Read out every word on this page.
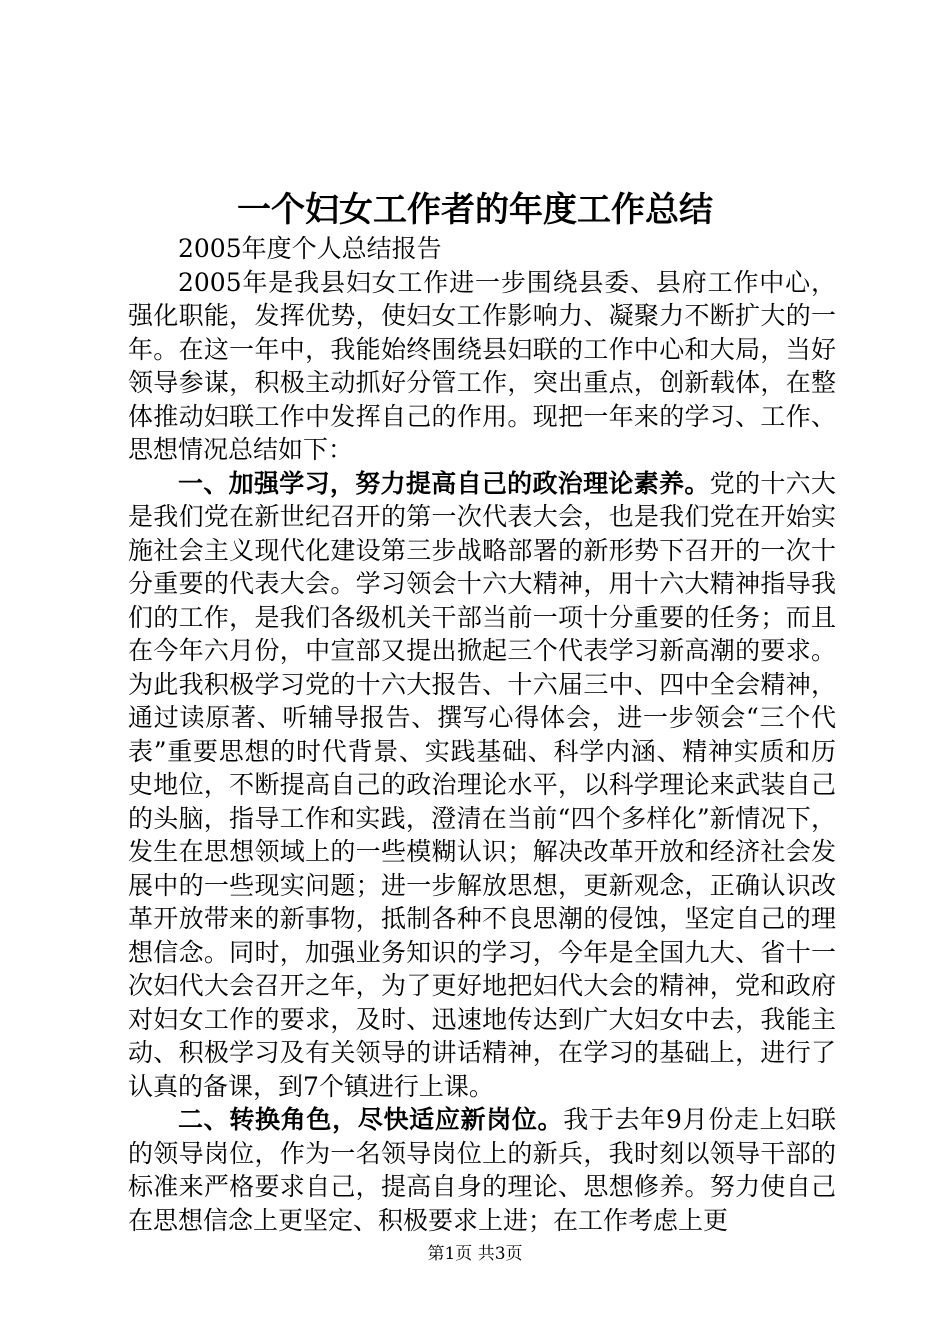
一个妇女工作者的年度工作总结

2005年度个人总结报告

2005年是我县妇女工作进一步围绕县委、县府工作中心，强化职能，发挥优势，使妇女工作影响力、凝聚力不断扩大的一年。在这一年中，我能始终围绕县妇联的工作中心和大局，当好领导参谋，积极主动抓好分管工作，突出重点，创新载体，在整体推动妇联工作中发挥自己的作用。现把一年来的学习、工作、思想情况总结如下：

一、加强学习，努力提高自己的政治理论素养。党的十六大是我们党在新世纪召开的第一次代表大会，也是我们党在开始实施社会主义现代化建设第三步战略部署的新形势下召开的一次十分重要的代表大会。学习领会十六大精神，用十六大精神指导我们的工作，是我们各级机关干部当前一项十分重要的任务；而且在今年六月份，中宣部又提出掀起三个代表学习新高潮的要求。为此我积极学习党的十六大报告、十六届三中、四中全会精神，通过读原著、听辅导报告、撰写心得体会，进一步领会“三个代表”重要思想的时代背景、实践基础、科学内涵、精神实质和历史地位，不断提高自己的政治理论水平，以科学理论来武装自己的头脑，指导工作和实践，澄清在当前“四个多样化”新情况下，发生在思想领域上的一些模糊认识；解决改革开放和经济社会发展中的一些现实问题；进一步解放思想，更新观念，正确认识改革开放带来的新事物，抵制各种不良思潮的侵蚀，坚定自己的理想信念。同时，加强业务知识的学习，今年是全国九大、省十一次妇代大会召开之年，为了更好地把妇代大会的精神，党和政府对妇女工作的要求，及时、迅速地传达到广大妇女中去，我能主动、积极学习及有关领导的讲话精神，在学习的基础上，进行了认真的备课，到7个镇进行上课。

二、转换角色，尽快适应新岗位。我于去年9月份走上妇联的领导岗位，作为一名领导岗位上的新兵，我时刻以领导干部的标准来严格要求自己，提高自身的理论、思想修养。努力使自己在思想信念上更坚定、积极要求上进；在工作考虑上更

第1页 共3页
